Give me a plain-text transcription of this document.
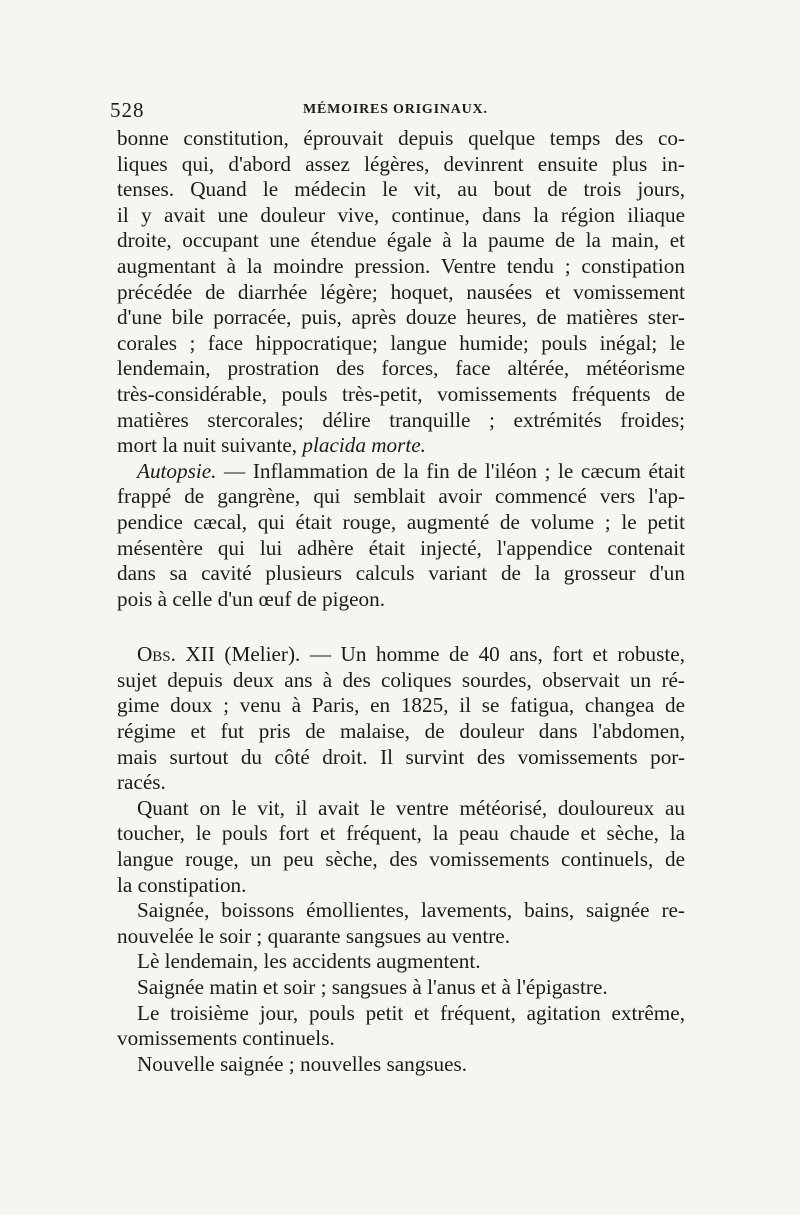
528	MÉMOIRES ORIGINAUX.
bonne constitution, éprouvait depuis quelque temps des co-
liques qui, d'abord assez légères, devinrent ensuite plus in-
tenses. Quand le médecin le vit, au bout de trois jours,
il y avait une douleur vive, continue, dans la région iliaque
droite, occupant une étendue égale à la paume de la main, et
augmentant à la moindre pression. Ventre tendu ; constipation
précédée de diarrhée légère; hoquet, nausées et vomissement
d'une bile porracée, puis, après douze heures, de matières ster-
corales ; face hippocratique; langue humide; pouls inégal; le
lendemain, prostration des forces, face altérée, météorisme
très-considérable, pouls très-petit, vomissements fréquents de
matières stercorales; délire tranquille ; extrémités froides;
mort la nuit suivante, placida morte.
Autopsie. — Inflammation de la fin de l'iléon ; le cæcum était
frappé de gangrène, qui semblait avoir commencé vers l'ap-
pendice cæcal, qui était rouge, augmenté de volume ; le petit
mésentère qui lui adhère était injecté, l'appendice contenait
dans sa cavité plusieurs calculs variant de la grosseur d'un
pois à celle d'un œuf de pigeon.
Obs. XII (Melier). — Un homme de 40 ans, fort et robuste,
sujet depuis deux ans à des coliques sourdes, observait un ré-
gime doux ; venu à Paris, en 1825, il se fatigua, changea de
régime et fut pris de malaise, de douleur dans l'abdomen,
mais surtout du côté droit. Il survint des vomissements por-
racés.
Quant on le vit, il avait le ventre météorisé, douloureux au
toucher, le pouls fort et fréquent, la peau chaude et sèche, la
langue rouge, un peu sèche, des vomissements continuels, de
la constipation.
Saignée, boissons émollientes, lavements, bains, saignée re-
nouvelée le soir ; quarante sangsues au ventre.
Lè lendemain, les accidents augmentent.
Saignée matin et soir ; sangsues à l'anus et à l'épigastre.
Le troisième jour, pouls petit et fréquent, agitation extrême,
vomissements continuels.
Nouvelle saignée ; nouvelles sangsues.
